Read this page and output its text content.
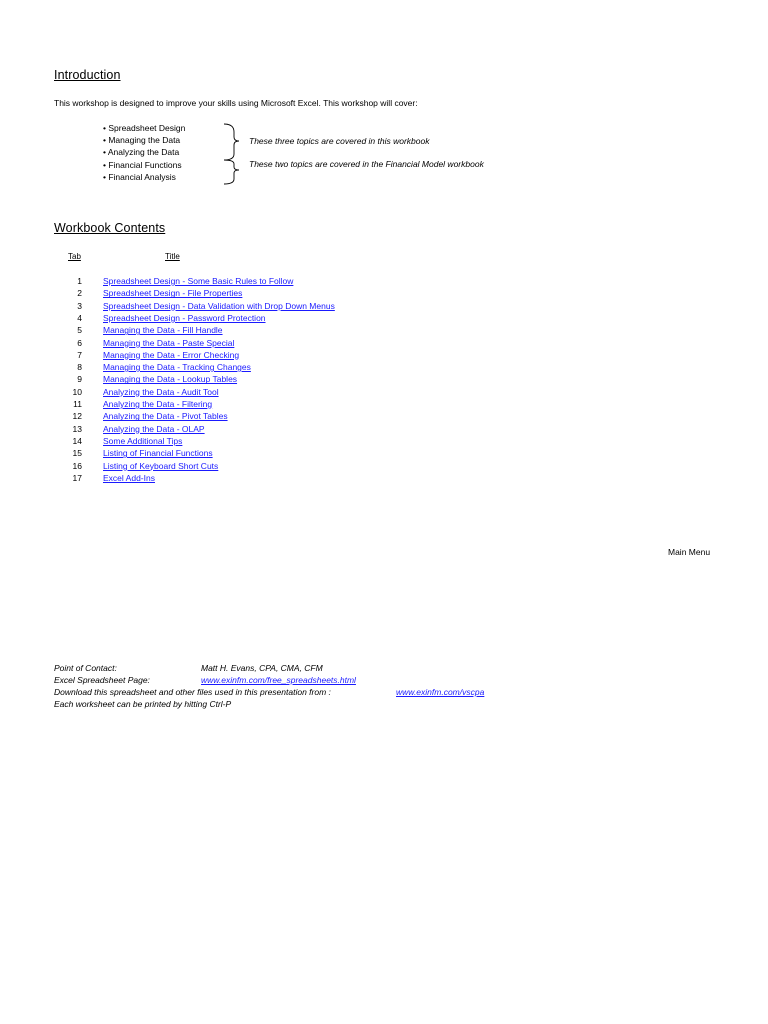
Introduction
This workshop is designed to improve your skills using Microsoft Excel. This workshop will cover:
• Spreadsheet Design
• Managing the Data
• Analyzing the Data
• Financial Functions
• Financial Analysis
These three topics are covered in this workbook
These two topics are covered in the Financial Model workbook
Workbook Contents
Tab	Title
1 Spreadsheet Design - Some Basic Rules to Follow
2 Spreadsheet Design - File Properties
3 Spreadsheet Design - Data Validation with Drop Down Menus
4 Spreadsheet Design - Password Protection
5 Managing the Data - Fill Handle
6 Managing the Data - Paste Special
7 Managing the Data - Error Checking
8 Managing the Data - Tracking Changes
9 Managing the Data - Lookup Tables
10 Analyzing the Data - Audit Tool
11 Analyzing the Data - Filtering
12 Analyzing the Data - Pivot Tables
13 Analyzing the Data - OLAP
14 Some Additional Tips
15 Listing of Financial Functions
16 Listing of Keyboard Short Cuts
17 Excel Add-Ins
Main Menu
Point of Contact:	Matt H. Evans, CPA, CMA, CFM
Excel Spreadsheet Page:	www.exinfm.com/free_spreadsheets.html
Download this spreadsheet and other files used in this presentation from :	www.exinfm.com/vscpa
Each worksheet can be printed by hitting Ctrl-P
